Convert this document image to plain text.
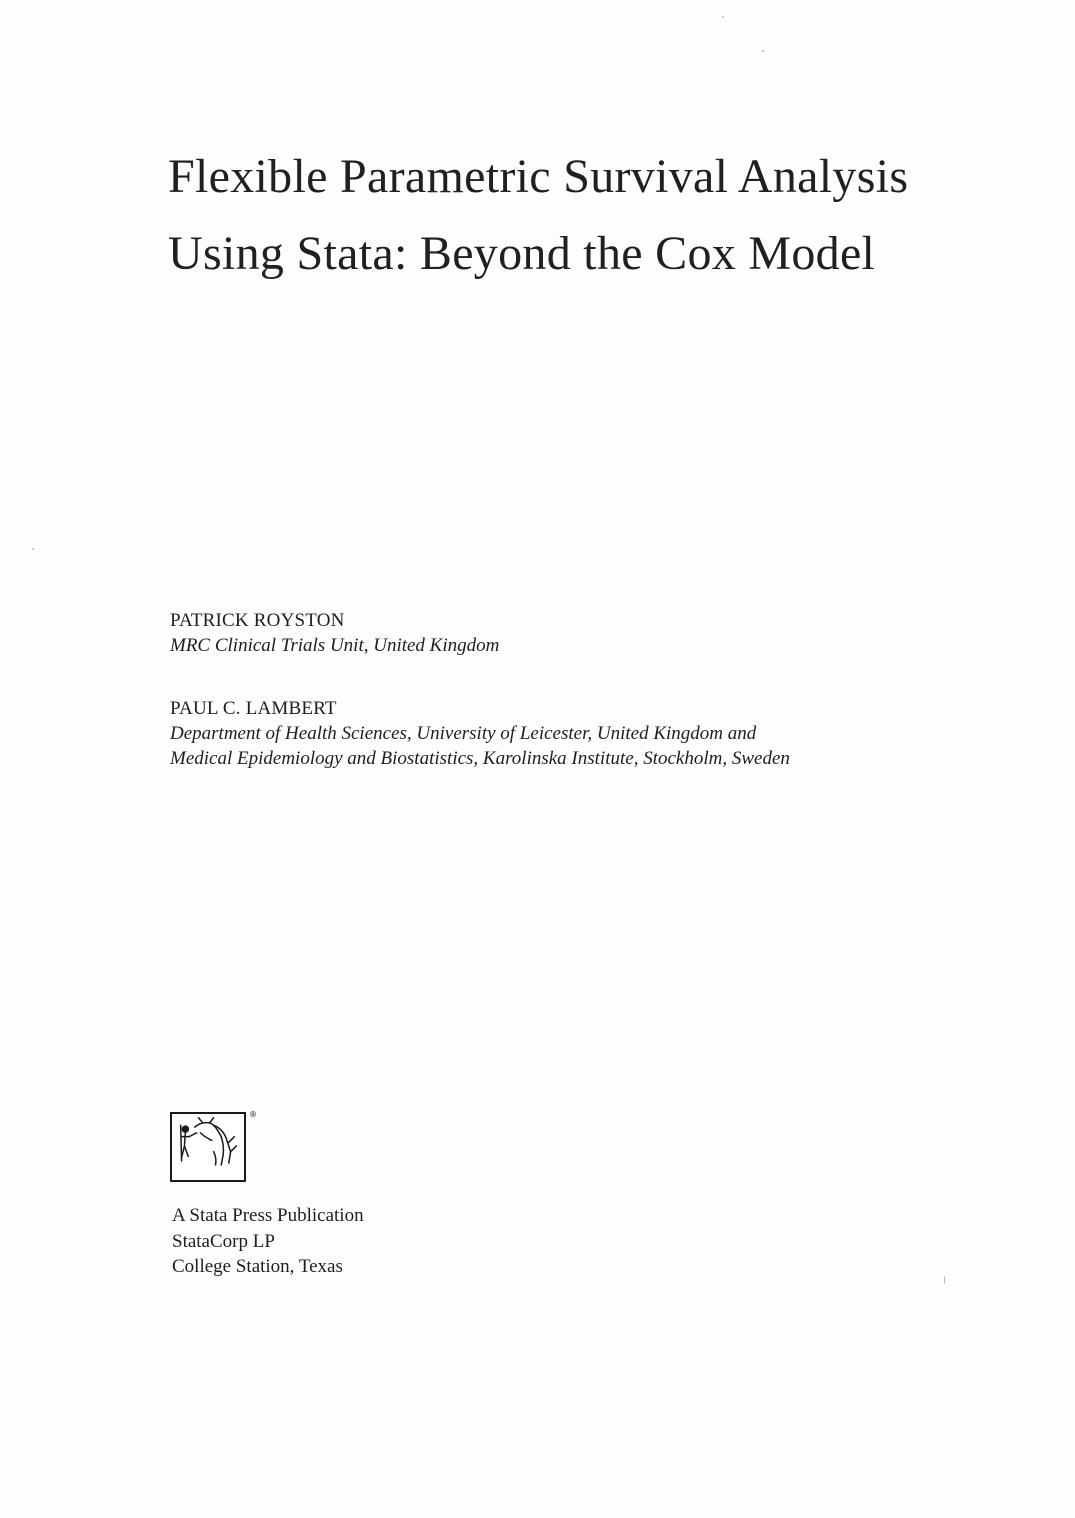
Flexible Parametric Survival Analysis
Using Stata: Beyond the Cox Model
PATRICK ROYSTON
MRC Clinical Trials Unit, United Kingdom
PAUL C. LAMBERT
Department of Health Sciences, University of Leicester, United Kingdom and
Medical Epidemiology and Biostatistics, Karolinska Institute, Stockholm, Sweden
®
A Stata Press Publication
StataCorp LP
College Station, Texas
